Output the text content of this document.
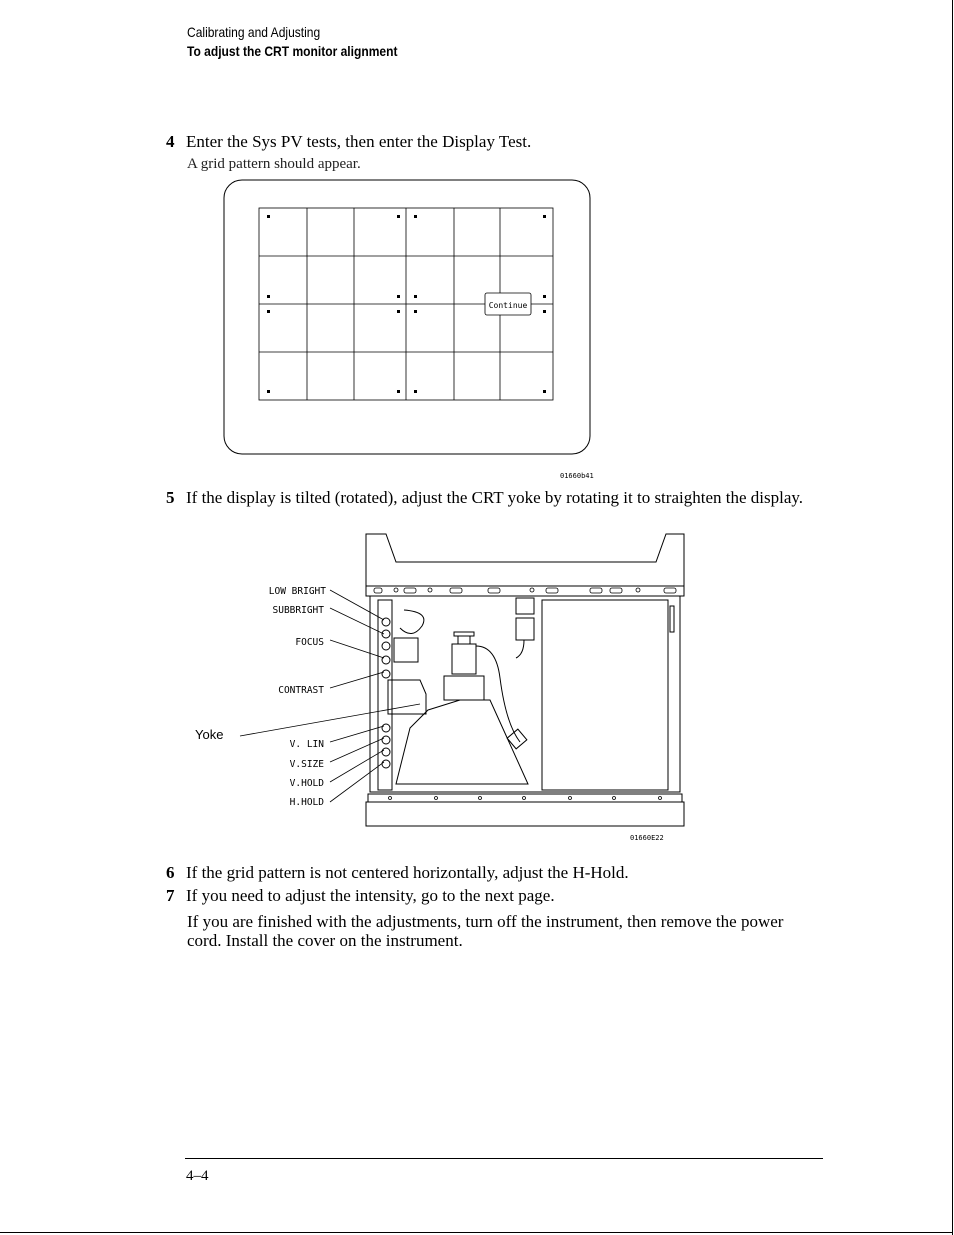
Calibrating and Adjusting
To adjust the CRT monitor alignment
4 Enter the Sys PV tests, then enter the Display Test.
A grid pattern should appear.
Continue
01660b41
5 If the display is tilted (rotated), adjust the CRT yoke by rotating it to straighten the display.
LOW BRIGHT
SUBBRIGHT
FOCUS
CONTRAST
V. LIN
V.SIZE
V.HOLD
H.HOLD
Yoke
01660E22
6 If the grid pattern is not centered horizontally, adjust the H-Hold.
7 If you need to adjust the intensity, go to the next page.
If you are finished with the adjustments, turn off the instrument, then remove the power cord. Install the cover on the instrument.
4–4
